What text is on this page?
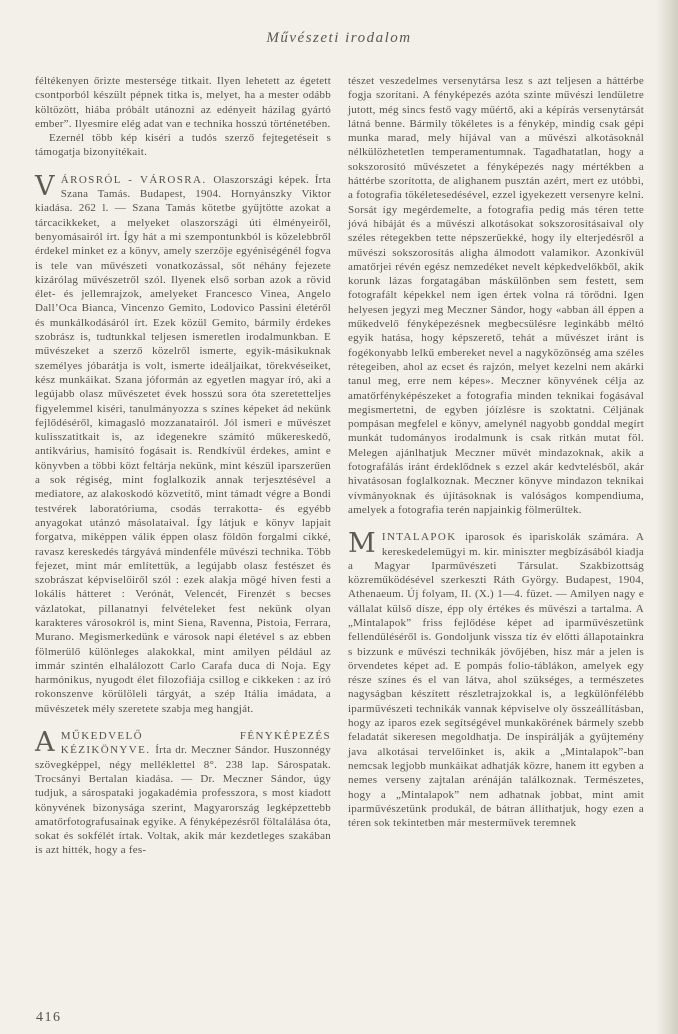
Művészeti irodalom

féltékenyen őrizte mestersége titkait. Ilyen lehetett az égetett csontporból készült pépnek titka is, melyet, ha a mester odább költözött, hiába próbált utánozni az edényeit házilag gyártó ember”. Ilyesmire elég adat van e technika hosszú történetében.

Ezernél több kép kiséri a tudós szerző fejtegetéseit s támogatja bizonyítékait.

VÁROSRÓL - VÁROSRA. Olaszországi képek. Írta Szana Tamás. Budapest, 1904. Hornyánszky Viktor kiadása. 262 l. — Szana Tamás kötetbe gyűjtötte azokat a tárcacikkeket, a melyeket olaszországi úti élményeiről, benyomásairól írt. Így hát a mi szempontunkból is közelebbről érdekel minket ez a könyv, amely szerzője egyéniségénél fogva is tele van művészeti vonatkozással, sőt néhány fejezete kizárólag művészetről szól. Ilyenek első sorban azok a rövid élet- és jellemrajzok, amelyeket Francesco Vinea, Angelo Dall’Oca Bianca, Vincenzo Gemito, Lodovico Passini életéről és munkálkodásáról írt. Ezek közül Gemito, bármily érdekes szobrász is, tudtunkkal teljesen ismeretlen irodalmunkban. E művészeket a szerző közelről ismerte, egyik-másikuknak személyes jóbarátja is volt, ismerte ideáljaikat, törekvéseiket, kész munkáikat. Szana jóformán az egyetlen magyar író, aki a legújabb olasz művészetet évek hosszú sora óta szeretetteljes figyelemmel kiséri, tanulmányozza s színes képeket ád nekünk fejlődéséről, kimagasló mozzanatairól. Jól ismeri e művészet kulisszatitkait is, az idegenekre számító műkereskedő, antikvárius, hamisító fogásait is. Rendkívül érdekes, amint e könyvben a többi közt feltárja nekünk, mint készül iparszerűen a sok régiség, mint foglalkozik annak terjesztésével a mediatore, az alakoskodó közvetítő, mint támadt végre a Bondi testvérek laboratóriuma, csodás terrakotta- és egyébb anyagokat utánzó másolataival. Így látjuk e könyv lapjait forgatva, miképpen válik éppen olasz földön forgalmi cikké, ravasz kereskedés tárgyává mindenféle művészi technika. Több fejezet, mint már említettük, a legújabb olasz festészet és szobrászat képviselőiről szól : ezek alakja mögé híven festi a lokális hátteret : Verónát, Velencét, Firenzét s becses vázlatokat, pillanatnyi felvételeket fest nekünk olyan karakteres városokról is, mint Siena, Ravenna, Pistoia, Ferrara, Murano. Megismerkedünk e városok napi életével s az ebben fölmerülő különleges alakokkal, mint amilyen például az immár szintén elhalálozott Carlo Carafa duca di Noja. Egy harmónikus, nyugodt élet filozofiája csillog e cikkeken : az író rokonszenve körülöleli tárgyát, a szép Itália imádata, a művészetek mély szeretete szabja meg hangját.

AMŰKEDVELŐ FÉNYKÉPEZÉS KÉZIKÖNYVE. Írta dr. Meczner Sándor. Huszonnégy szövegképpel, négy melléklettel 8°. 238 lap. Sárospatak. Trocsányi Bertalan kiadása. — Dr. Meczner Sándor, úgy tudjuk, a sárospataki jogakadémia professzora, s most kiadott könyvének bizonysága szerint, Magyarország legképzettebb amatőrfotografusainak egyike. A fényképezésről föltalálása óta, sokat és sokfélét írtak. Voltak, akik már kezdetleges szakában is azt hitték, hogy a fes-

tészet veszedelmes versenytársa lesz s azt teljesen a háttérbe fogja szorítani. A fényképezés azóta szinte művészi lendületre jutott, még sincs festő vagy műértő, aki a képírás versenytársát látná benne. Bármily tökéletes is a fénykép, mindig csak gépi munka marad, mely híjával van a művészi alkotásoknál nélkülözhetetlen temperamentumnak. Tagadhatatlan, hogy a sokszorosító művészetet a fényképezés nagy mértékben a háttérbe szorította, de alighanem pusztán azért, mert ez utóbbi, a fotografia tökéletesedésével, ezzel igyekezett versenyre kelni. Sorsát így megérdemelte, a fotografia pedig más téren tette jóvá hibáját és a művészi alkotásokat sokszorosításaival oly széles rétegekben tette népszerűekké, hogy ily elterjedésről a művészi sokszorosítás aligha álmodott valamikor. Azonkívül amatőrjei révén egész nemzedéket nevelt képkedvelőkből, akik korunk lázas forgatagában máskülönben sem festett, sem fotografált képekkel nem igen értek volna rá törődni. Igen helyesen jegyzi meg Meczner Sándor, hogy «abban áll éppen a műkedvelő fényképezésnek megbecsülésre leginkább méltó egyik hatása, hogy képszerető, tehát a művészet iránt is fogékonyabb lelkű embereket nevel a nagyközönség ama széles rétegeiben, ahol az ecset és rajzón, melyet kezelni nem akárki tanul meg, erre nem képes». Meczner könyvének célja az amatőrfényképészeket a fotografia minden teknikai fogásával megismertetni, de egyben jóízlésre is szoktatni. Céljának pompásan megfelel e könyv, amelynél nagyobb gonddal megírt munkát tudományos irodalmunk is csak ritkán mutat föl. Melegen ajánlhatjuk Meczner művét mindazoknak, akik a fotografálás iránt érdeklődnek s ezzel akár kedvtelésből, akár hivatásosan foglalkoznak. Meczner könyve mindazon teknikai vívmányoknak és újításoknak is valóságos kompendiuma, amelyek a fotografia terén napjainkig fölmerültek.

MINTALAPOK iparosok és ipariskolák számára. A kereskedelemügyi m. kir. miniszter megbízásából kiadja a Magyar Iparművészeti Társulat. Szakbizottság közreműködésével szerkeszti Ráth György. Budapest, 1904, Athenaeum. Új folyam, II. (X.) 1—4. füzet. — Amilyen nagy e vállalat külső dísze, épp oly értékes és művészi a tartalma. A „Mintalapok” friss fejlődése képet ad iparművészetünk fellendüléséről is. Gondoljunk vissza tíz év előtti állapotainkra s bizzunk e művészi technikák jövőjében, hisz már a jelen is örvendetes képet ad. E pompás folio-táblákon, amelyek egy része színes és el van látva, ahol szükséges, a természetes nagyságban készített részletrajzokkal is, a legkülönfélébb iparművészeti technikák vannak képviselve oly összeállításban, hogy az iparos ezek segítségével munkakörének bármely szebb feladatát sikeresen megoldhatja. De inspirálják a gyűjtemény java alkotásai tervelőinket is, akik a „Mintalapok”-ban nemcsak legjobb munkáikat adhatják közre, hanem itt egyben a nemes verseny zajtalan arénáján találkoznak. Természetes, hogy a „Mintalapok” nem adhatnak jobbat, mint amit iparművészetünk produkál, de bátran állíthatjuk, hogy ezen a téren sok tekintetben már mesterművek teremnek

416
